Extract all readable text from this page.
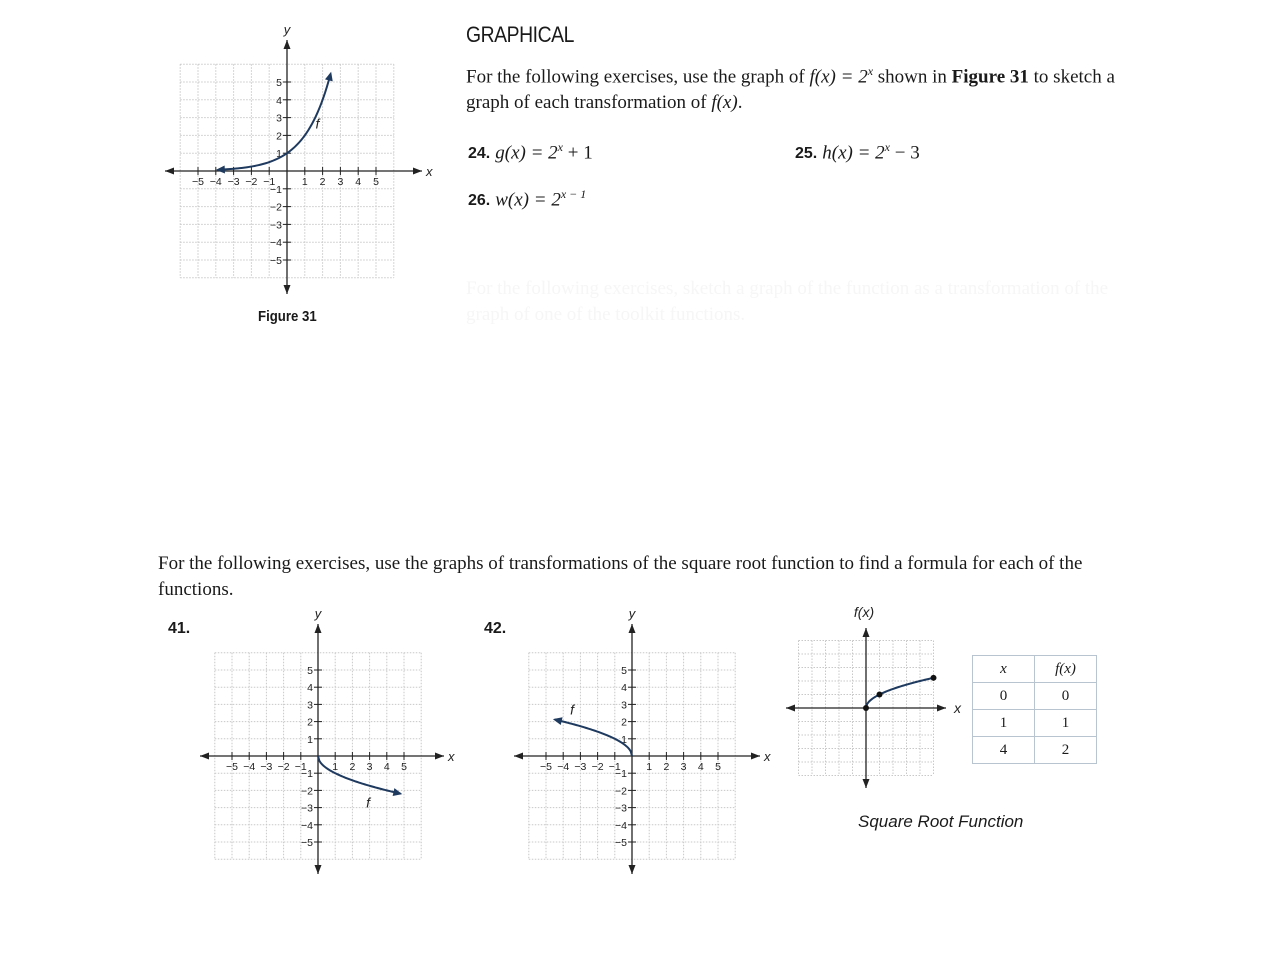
GRAPHICAL
For the following exercises, use the graph of $f(x) = 2^x$ shown in Figure 31 to sketch a graph of each transformation of f(x).
24. $g(x) = 2^x + 1$	25. $h(x) = 2^x - 3$
26. $w(x) = 2^{x - 1}$
For the following exercises, sketch a graph of the function as a transformation of the graph of one of the toolkit functions.
−5 −4 −3 −2 −1	1 2 3 4 5
5
4
3
2
1
−1
−2
−3
−4
−5
x
y
f
Figure 31
For the following exercises, use the graphs of transformations of the square root function to find a formula for each of the functions.
41.	42.
−5 −4 −3 −2 −1 1 2 3 4 5
5
4
3
2
1
−1
−2
−3
−4
−5
x
y
f
−5 −4 −3 −2 −1 1 2 3 4 5
5
4
3
2
1
−1
−2
−3
−4
−5
x
y
f
f(x)
x
x	f(x)
0	0
1	1
4	2
Square Root Function
